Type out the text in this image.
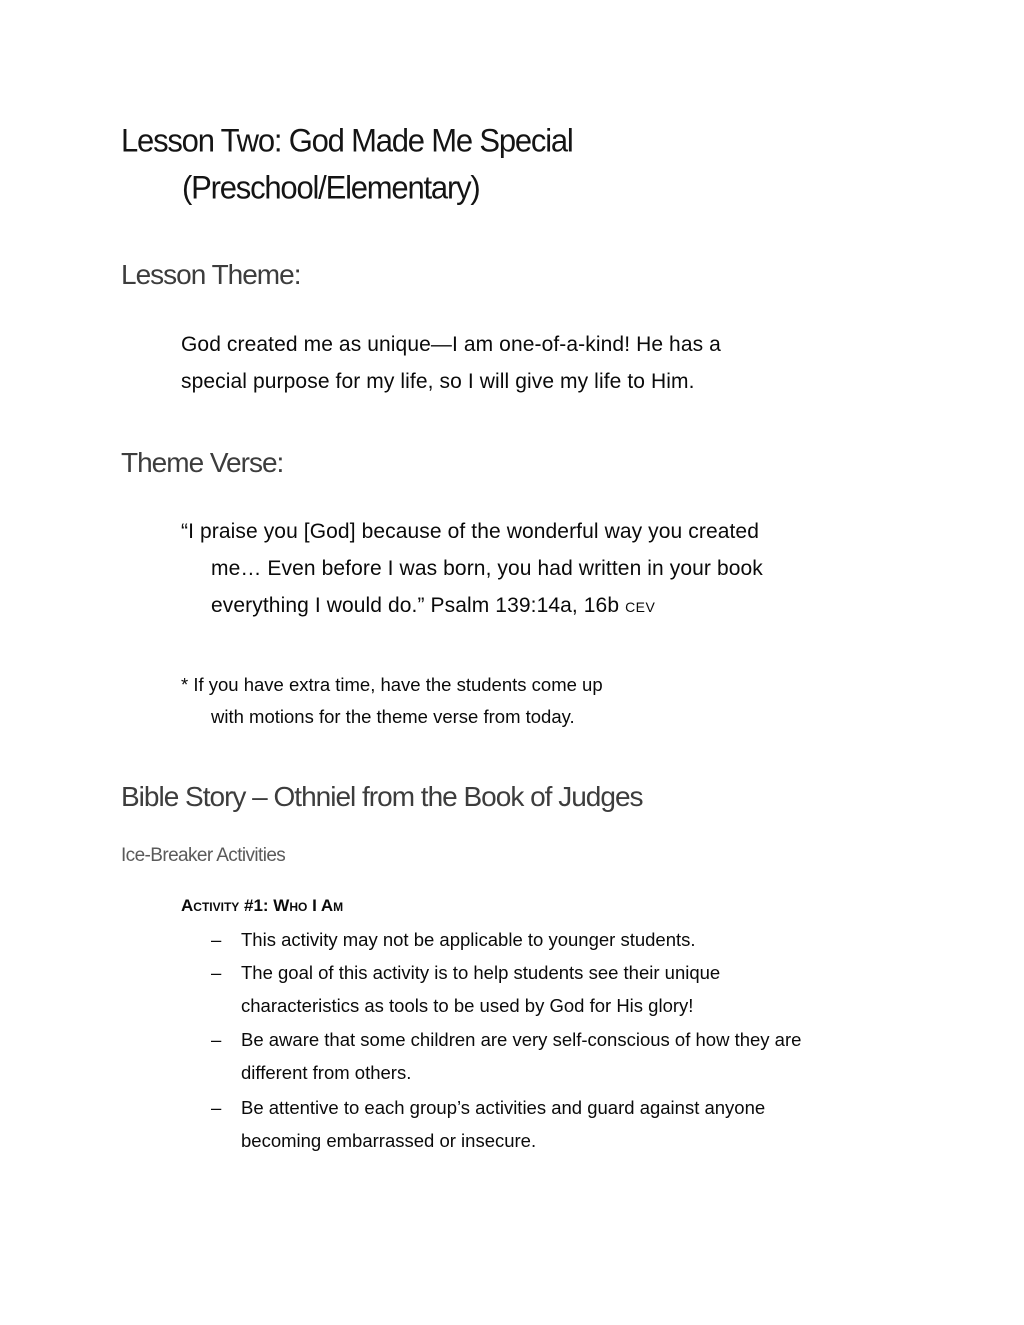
Lesson Two: God Made Me Special
(Preschool/Elementary)
Lesson Theme:
God created me as unique—I am one-of-a-kind! He has a
special purpose for my life, so I will give my life to Him.
Theme Verse:
“I praise you [God] because of the wonderful way you created
me… Even before I was born, you had written in your book
everything I would do.” Psalm 139:14a, 16b CEV
* If you have extra time, have the students come up
with motions for the theme verse from today.
Bible Story – Othniel from the Book of Judges
Ice-Breaker Activities
Activity #1: Who I Am
– This activity may not be applicable to younger students.
– The goal of this activity is to help students see their unique
characteristics as tools to be used by God for His glory!
– Be aware that some children are very self-conscious of how they are
different from others.
– Be attentive to each group’s activities and guard against anyone
becoming embarrassed or insecure.
